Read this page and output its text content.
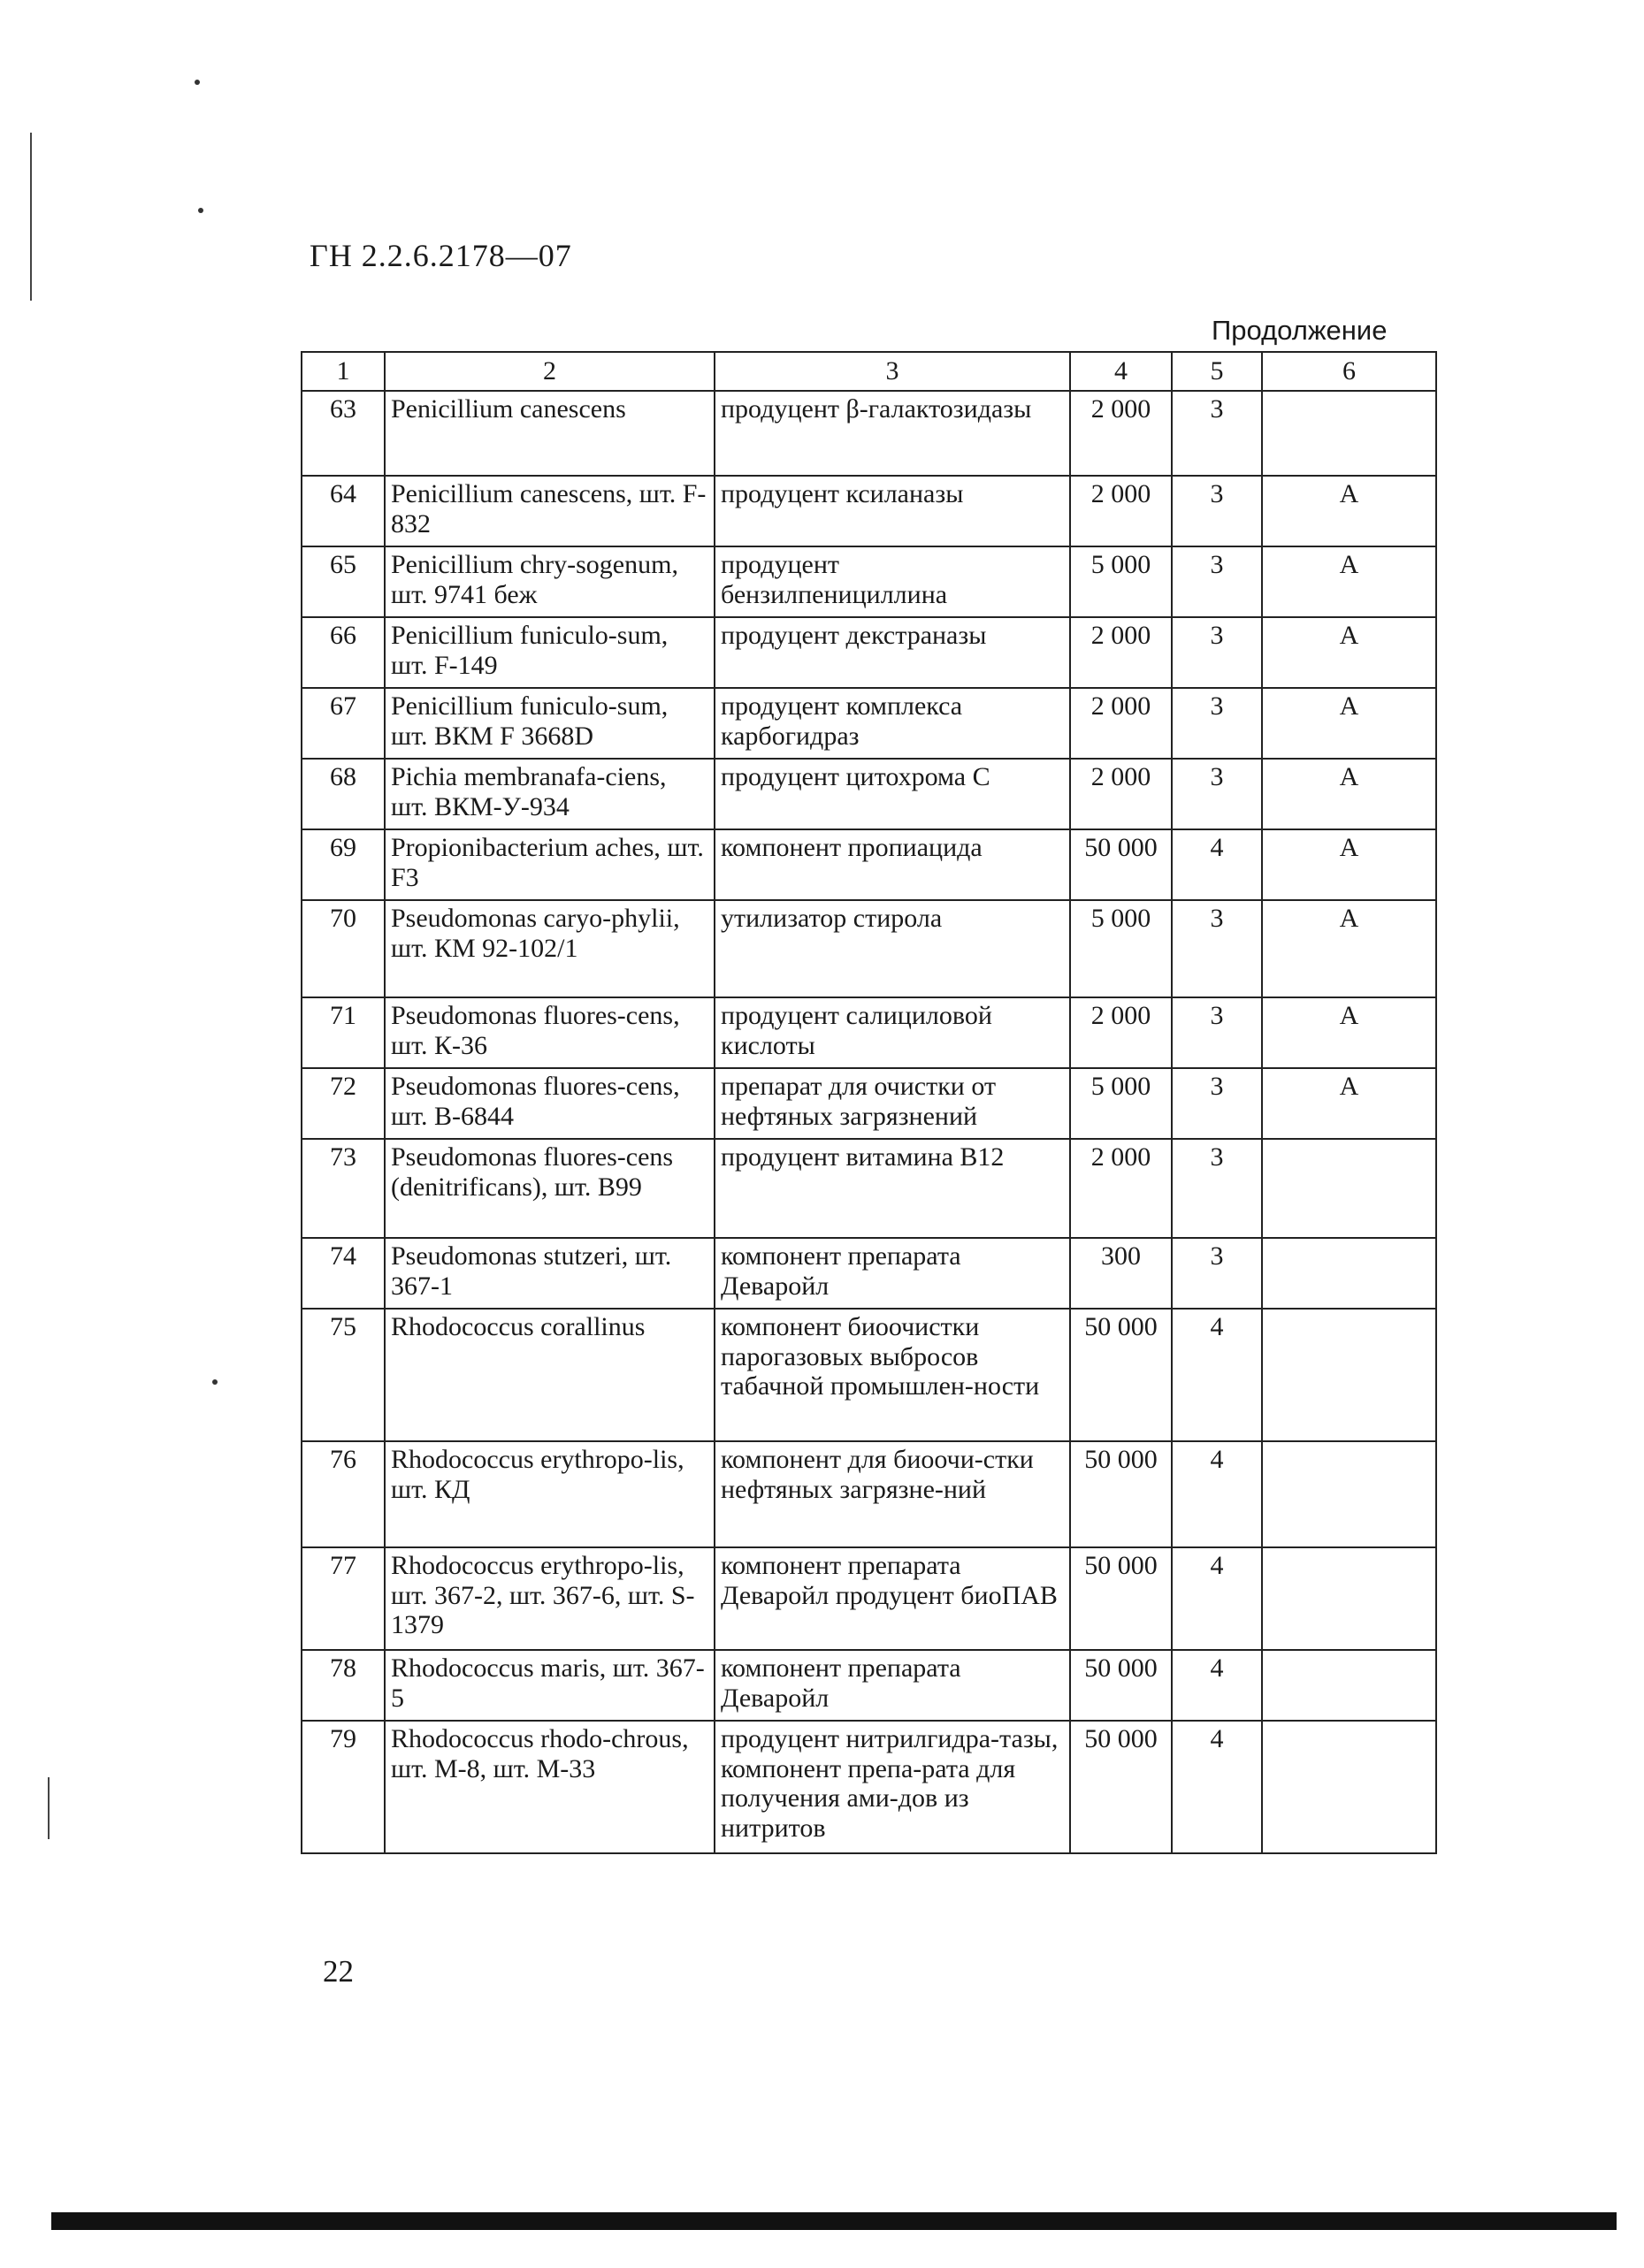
ГН 2.2.6.2178—07
Продолжение
1	2	3	4	5	6
63	Penicillium canescens	продуцент β-галактозидазы	2 000	3	
64	Penicillium canescens, шт. F-832	продуцент ксиланазы	2 000	3	А
65	Penicillium chry-sogenum, шт. 9741 беж	продуцент бензилпенициллина	5 000	3	А
66	Penicillium funiculo-sum, шт. F-149	продуцент декстраназы	2 000	3	А
67	Penicillium funiculo-sum, шт. ВКМ F 3668D	продуцент комплекса карбогидраз	2 000	3	А
68	Pichia membranafa-ciens, шт. ВКМ-У-934	продуцент цитохрома С	2 000	3	А
69	Propionibacterium aches, шт. F3	компонент пропиацида	50 000	4	А
70	Pseudomonas caryo-phylii, шт. КМ 92-102/1	утилизатор стирола	5 000	3	А
71	Pseudomonas fluores-cens, шт. К-36	продуцент салициловой кислоты	2 000	3	А
72	Pseudomonas fluores-cens, шт. В-6844	препарат для очистки от нефтяных загрязнений	5 000	3	А
73	Pseudomonas fluores-cens (denitrificans), шт. В99	продуцент витамина B12	2 000	3	
74	Pseudomonas stutzeri, шт. 367-1	компонент препарата Деваройл	300	3	
75	Rhodococcus corallinus	компонент биоочистки парогазовых выбросов табачной промышлен-ности	50 000	4	
76	Rhodococcus erythropo-lis, шт. КД	компонент для биоочи-стки нефтяных загрязне-ний	50 000	4	
77	Rhodococcus erythropo-lis, шт. 367-2, шт. 367-6, шт. S-1379	компонент препарата Деваройл продуцент биоПАВ	50 000	4	
78	Rhodococcus maris, шт. 367-5	компонент препарата Деваройл	50 000	4	
79	Rhodococcus rhodo-chrous, шт. М-8, шт. М-33	продуцент нитрилгидра-тазы, компонент препа-рата для получения ами-дов из нитритов	50 000	4	
22
